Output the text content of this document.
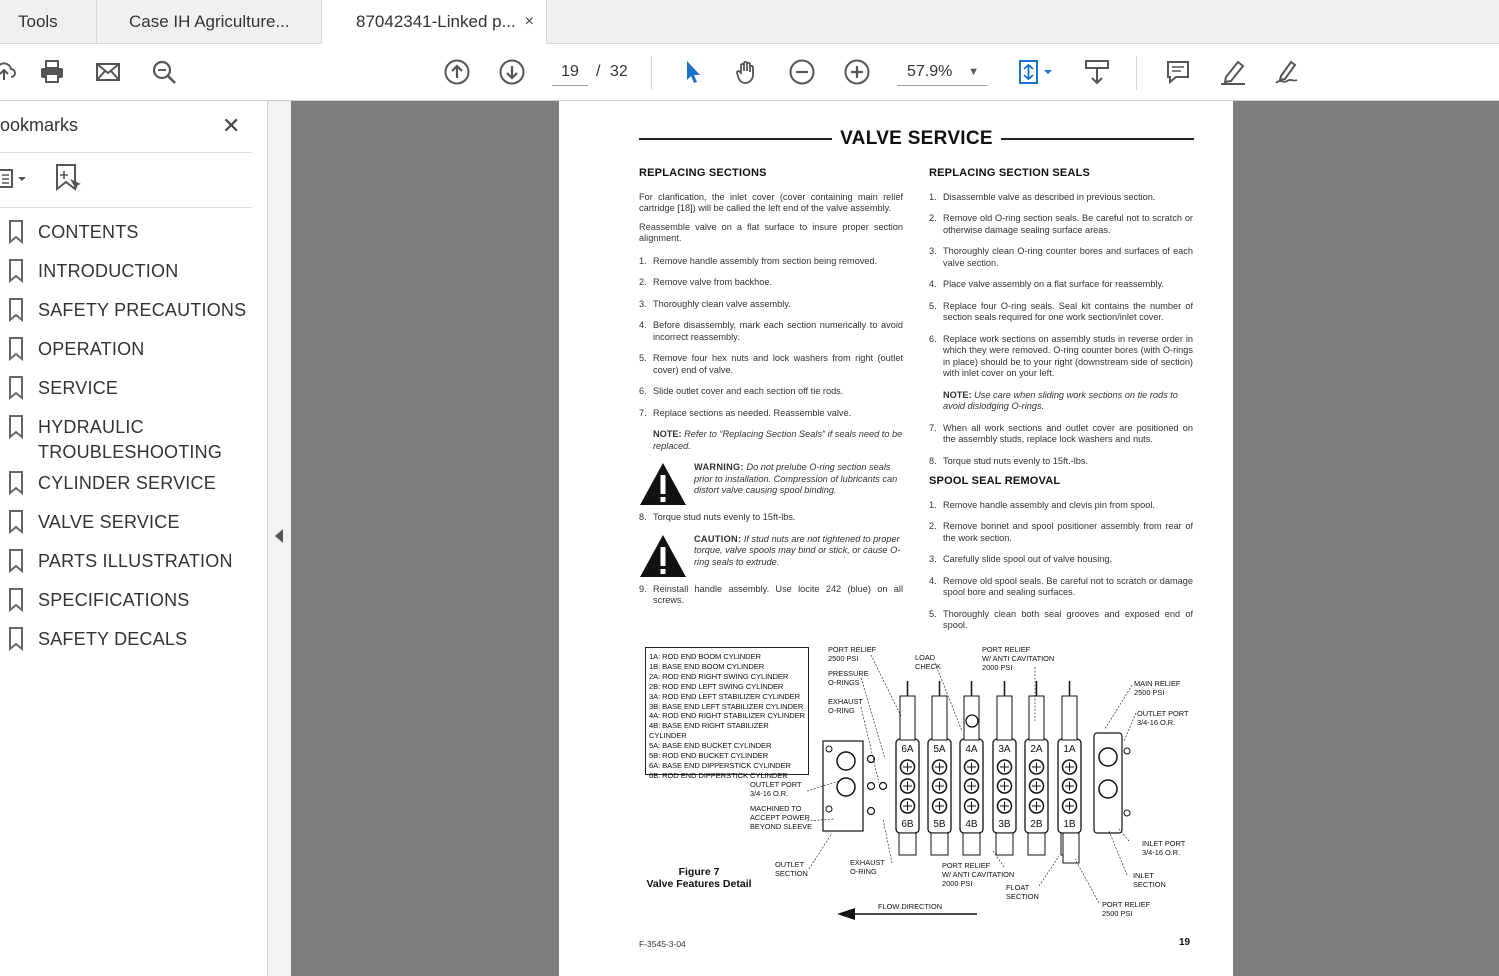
Tools	Case IH Agriculture...	87042341-Linked p... ×
19	/ 32	57.9% ▼
ookmarks	✕
CONTENTS
INTRODUCTION
SAFETY PRECAUTIONS
OPERATION
SERVICE
HYDRAULIC TROUBLESHOOTING
CYLINDER SERVICE
VALVE SERVICE
PARTS ILLUSTRATION
SPECIFICATIONS
SAFETY DECALS
VALVE SERVICE
REPLACING SECTIONS
For clarification, the inlet cover (cover containing main relief cartridge [18]) will be called the left end of the valve assembly.
Reassemble valve on a flat surface to insure proper section alignment.
1. Remove handle assembly from section being removed.
2. Remove valve from backhoe.
3. Thoroughly clean valve assembly.
4. Before disassembly, mark each section numerically to avoid incorrect reassembly.
5. Remove four hex nuts and lock washers from right (outlet cover) end of valve.
6. Slide outlet cover and each section off tie rods.
7. Replace sections as needed. Reassemble valve.
NOTE: Refer to “Replacing Section Seals” if seals need to be replaced.
WARNING: Do not prelube O-ring section seals prior to installation. Compression of lubricants can distort valve causing spool binding.
8. Torque stud nuts evenly to 15ft-lbs.
CAUTION: If stud nuts are not tightened to proper torque, valve spools may bind or stick, or cause O-ring seals to extrude.
9. Reinstall handle assembly. Use locite 242 (blue) on all screws.
REPLACING SECTION SEALS
1. Disassemble valve as described in previous section.
2. Remove old O-ring section seals. Be careful not to scratch or otherwise damage sealing surface areas.
3. Thoroughly clean O-ring counter bores and surfaces of each valve section.
4. Place valve assembly on a flat surface for reassembly.
5. Replace four O-ring seals. Seal kit contains the number of section seals required for one work section/inlet cover.
6. Replace work sections on assembly studs in reverse order in which they were removed. O-ring counter bores (with O-rings in place) should be to your right (downstream side of section) with inlet cover on your left.
NOTE: Use care when sliding work sections on tie rods to avoid dislodging O-rings.
7. When all work sections and outlet cover are positioned on the assembly studs, replace lock washers and nuts.
8. Torque stud nuts evenly to 15ft.-lbs.
SPOOL SEAL REMOVAL
1. Remove handle assembly and clevis pin from spool.
2. Remove bonnet and spool positioner assembly from rear of the work section.
3. Carefully slide spool out of valve housing.
4. Remove old spool seals. Be careful not to scratch or damage spool bore and sealing surfaces.
5. Thoroughly clean both seal grooves and exposed end of spool.
1A: ROD END BOOM CYLINDER
1B: BASE END BOOM CYLINDER
2A: ROD END RIGHT SWING CYLINDER
2B: ROD END LEFT SWING CYLINDER
3A: ROD END LEFT STABILIZER CYLINDER
3B: BASE END LEFT STABILIZER CYLINDER
4A: ROD END RIGHT STABILIZER CYLINDER
4B: BASE END RIGHT STABILIZER CYLINDER
5A: BASE END BUCKET CYLINDER
5B: ROD END BUCKET CYLINDER
6A: BASE END DIPPERSTICK CYLINDER
6B: ROD END DIPPERSTICK CYLINDER
6A
6B
5A
5B
4A
4B
3A
3B
2A
2B
1A
1B
PORT RELIEF
2500 PSI
PRESSURE
O-RINGS
EXHAUST
O-RING
LOAD
CHECK
PORT RELIEF
W/ ANTI CAVITATION
2000 PSI
MAIN RELIEF
2500 PSI
OUTLET PORT
3/4-16 O.R.
OUTLET PORT
3/4-16 O.R.
MACHINED TO
ACCEPT POWER
BEYOND SLEEVE
INLET PORT
3/4-16 O.R.
INLET
SECTION
OUTLET
SECTION
EXHAUST
O-RING
PORT RELIEF
W/ ANTI CAVITATION
2000 PSI	FLOAT
SECTION
PORT RELIEF
2500 PSI
Figure 7
Valve Features Detail
FLOW DIRECTION
F-3545-3-04	19
